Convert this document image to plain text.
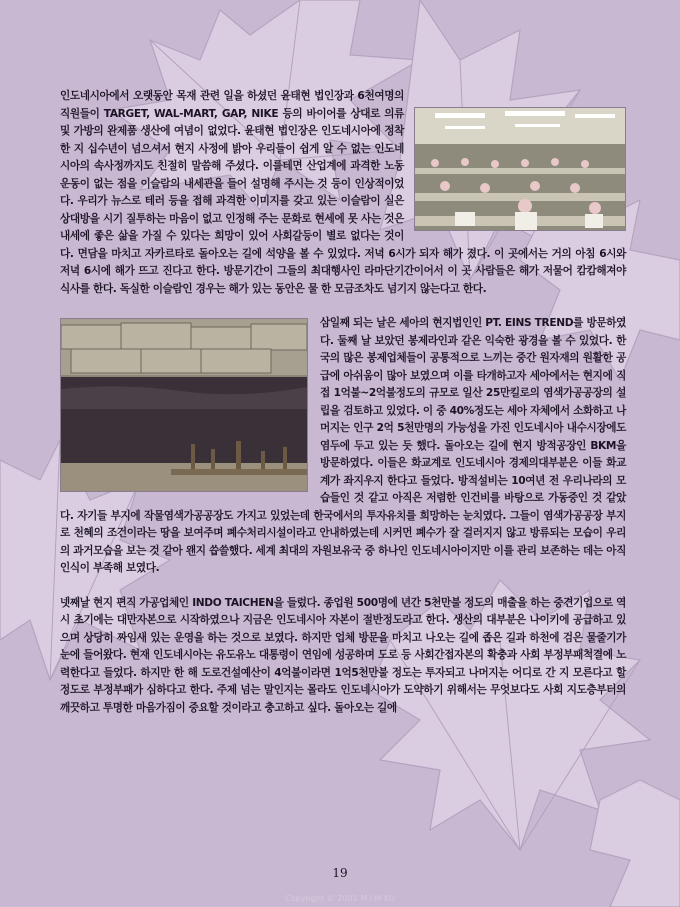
인도네시아에서 오랫동안 목재 관련 일을 하셨던 윤태현 법인장과 6천여명의 직원들이 TARGET, WAL-MART, GAP, NIKE 등의 바이어를 상대로 의류 및 가방의 완제품 생산에 여념이 없었다. 윤태현 법인장은 인도네시아에 정착한 지 십수년이 넘으셔서 현지 사정에 밝아 우리들이 쉽게 알 수 없는 인도네시아의 속사정까지도 친절히 말씀해 주셨다. 이를테면 산업계에 과격한 노동운동이 없는 점을 이슬람의 내세관을 들어 설명해 주시는 것 등이 인상적이었다. 우리가 뉴스로 테러 등을 접해 과격한 이미지를 갖고 있는 이슬람이 실은 상대방을 시기 질투하는 마음이 없고 인정해 주는 문화로 현세에 못 사는 것은 내세에 좋은 삶을 가질 수 있다는 희망이 있어 사회갈등이 별로 없다는 것이다. 면담을 마치고 자카르타로 돌아오는 길에 석양을 볼 수 있었다. 저녁 6시가 되자 해가 졌다. 이 곳에서는 거의 아침 6시와 저녁 6시에 해가 뜨고 진다고 한다. 방문기간이 그들의 최대행사인 라마단기간이어서 이 곳 사람들은 해가 저물어 캄캄해져야 식사를 한다. 독실한 이슬람인 경우는 해가 있는 동안은 물 한 모금조차도 넘기지 않는다고 한다.

삼일째 되는 날은 세아의 현지법인인 PT. EINS TREND를 방문하였다. 둘째 날 보았던 봉제라인과 같은 익숙한 광경을 볼 수 있었다. 한국의 많은 봉제업체들이 공통적으로 느끼는 중간 원자재의 원활한 공급에 아쉬움이 많아 보였으며 이를 타개하고자 세아에서는 현지에 직접 1억불~2억불정도의 규모로 일산 25만킬로의 염색가공공장의 설립을 검토하고 있었다. 이 중 40%정도는 세아 자체에서 소화하고 나머지는 인구 2억 5천만명의 가능성을 가진 인도네시아 내수시장에도 염두에 두고 있는 듯 했다. 돌아오는 길에 현지 방적공장인 BKM을 방문하였다. 이들은 화교계로 인도네시아 경제의대부분은 이들 화교계가 좌지우지 한다고 들었다. 방적설비는 10여년 전 우리나라의 모습들인 것 같고 아직은 저렴한 인건비를 바탕으로 가동중인 것 같았다. 자기들 부지에 작물염색가공공장도 가지고 있었는데 한국에서의 투자유치를 희망하는 눈치였다. 그들이 염색가공공장 부지로 천혜의 조건이라는 땅을 보여주며 폐수처리시설이라고 안내하였는데 시커먼 폐수가 잘 걸러지지 않고 방류되는 모습이 우리의 과거모습을 보는 것 같아 왠지 씁쓸했다. 세계 최대의 자원보유국 중 하나인 인도네시아이지만 이를 관리 보존하는 데는 아직 인식이 부족해 보였다.

넷째날 현지 편직 가공업체인 INDO TAICHEN을 들렀다. 종업원 500명에 년간 5천만불 정도의 매출을 하는 중견기업으로 역시 초기에는 대만자본으로 시작하였으나 지금은 인도네시아 자본이 절반정도라고 한다. 생산의 대부분은 나이키에 공급하고 있으며 상당히 짜임새 있는 운영을 하는 것으로 보였다. 하지만 업체 방문을 마치고 나오는 길에 좁은 길과 하천에 검은 물줄기가 눈에 들어왔다. 현재 인도네시아는 유도유노 대통령이 연임에 성공하며 도로 등 사회간접자본의 확충과 사회 부정부패척결에 노력한다고 들었다. 하지만 한 해 도로건설예산이 4억불이라면 1억5천만불 정도는 투자되고 나머지는 어디로 간 지 모른다고 할 정도로 부정부패가 심하다고 한다. 주제 넘는 말인지는 몰라도 인도네시아가 도약하기 위해서는 무엇보다도 사회 지도층부터의 깨끗하고 투명한 마음가짐이 중요할 것이라고 충고하고 싶다. 돌아오는 길에

19
Copyright © 2001 M I M KU
